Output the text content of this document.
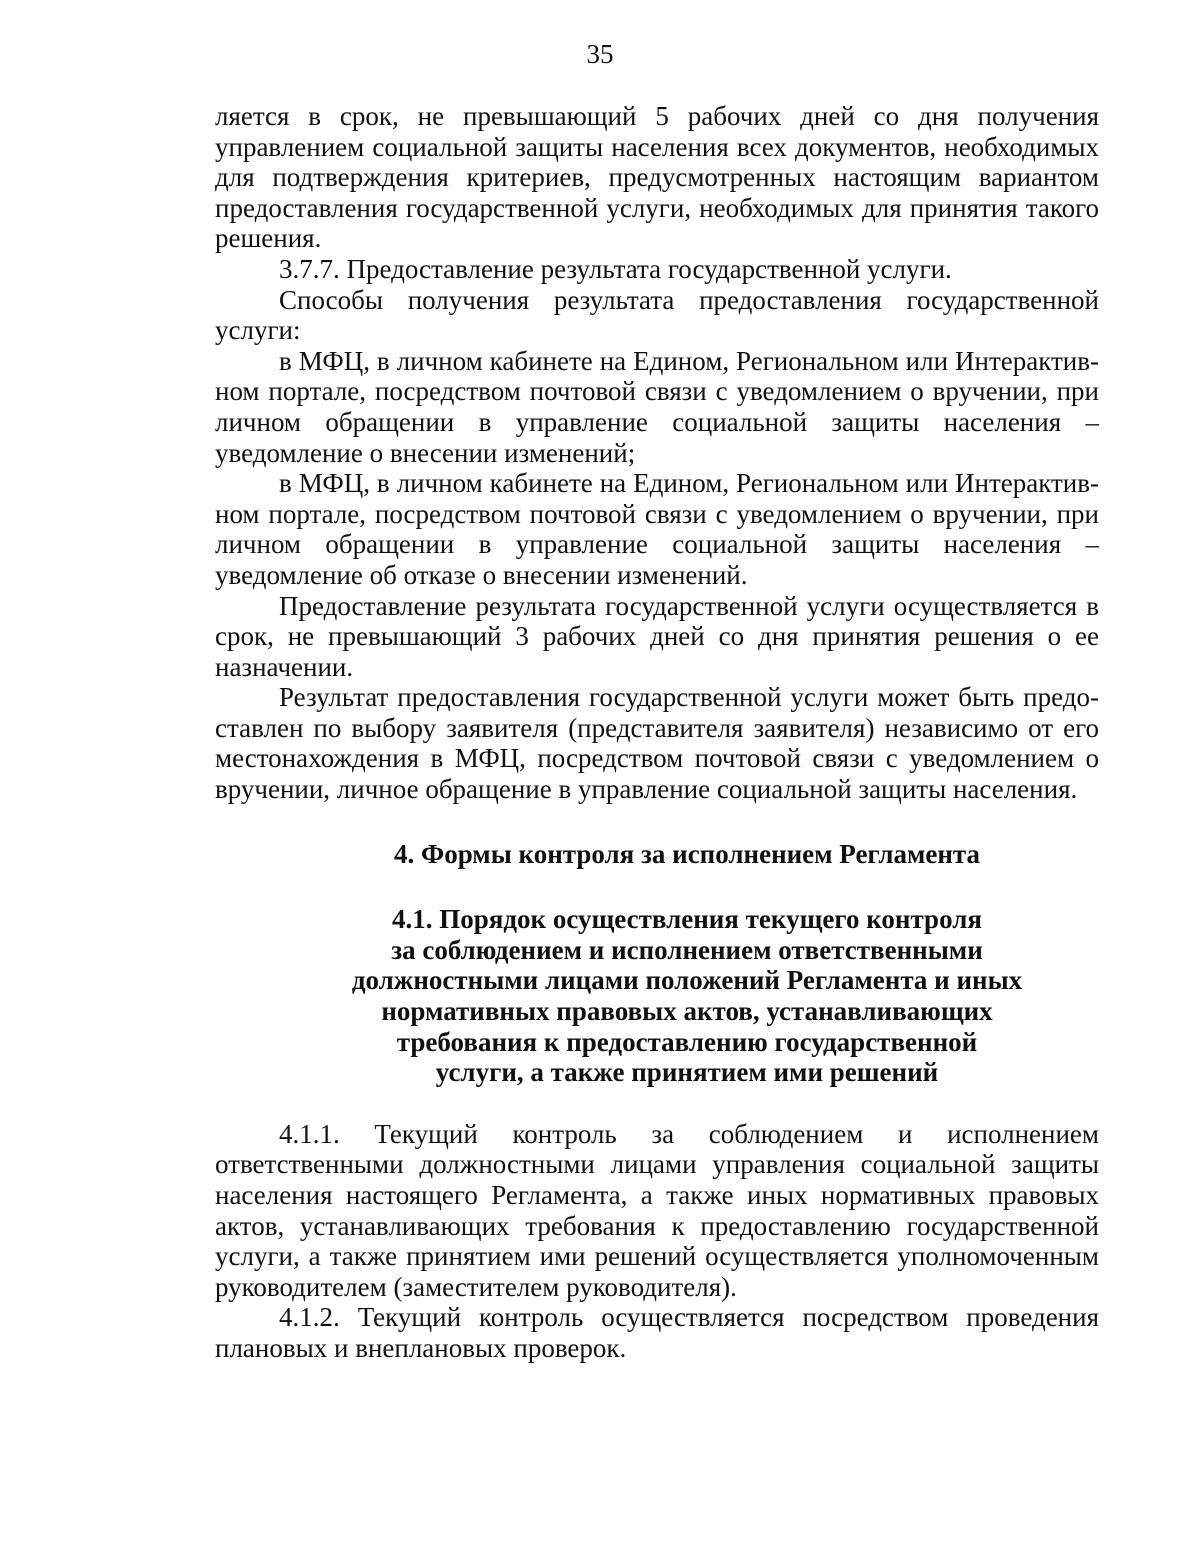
35

ляется в срок, не превышающий 5 рабочих дней со дня получения управлением социальной защиты населения всех документов, необходимых для подтверждения критериев, предусмотренных настоящим вариантом предоставления государственной услуги, необходимых для принятия такого решения.

3.7.7. Предоставление результата государственной услуги.

Способы получения результата предоставления государственной услуги:

в МФЦ, в личном кабинете на Едином, Региональном или Интерактивном портале, посредством почтовой связи с уведомлением о вручении, при личном обращении в управление социальной защиты населения – уведомление о внесении изменений;

в МФЦ, в личном кабинете на Едином, Региональном или Интерактивном портале, посредством почтовой связи с уведомлением о вручении, при личном обращении в управление социальной защиты населения – уведомление об отказе о внесении изменений.

Предоставление результата государственной услуги осуществляется в срок, не превышающий 3 рабочих дней со дня принятия решения о ее назначении.

Результат предоставления государственной услуги может быть предоставлен по выбору заявителя (представителя заявителя) независимо от его местонахождения в МФЦ, посредством почтовой связи с уведомлением о вручении, личное обращение в управление социальной защиты населения.

4. Формы контроля за исполнением Регламента
4.1. Порядок осуществления текущего контроля
за соблюдением и исполнением ответственными
должностными лицами положений Регламента и иных
нормативных правовых актов, устанавливающих
требования к предоставлению государственной
услуги, а также принятием ими решений

4.1.1. Текущий контроль за соблюдением и исполнением ответственными должностными лицами управления социальной защиты населения настоящего Регламента, а также иных нормативных правовых актов, устанавливающих требования к предоставлению государственной услуги, а также принятием ими решений осуществляется уполномоченным руководителем (заместителем руководителя).

4.1.2. Текущий контроль осуществляется посредством проведения плановых и внеплановых проверок.
